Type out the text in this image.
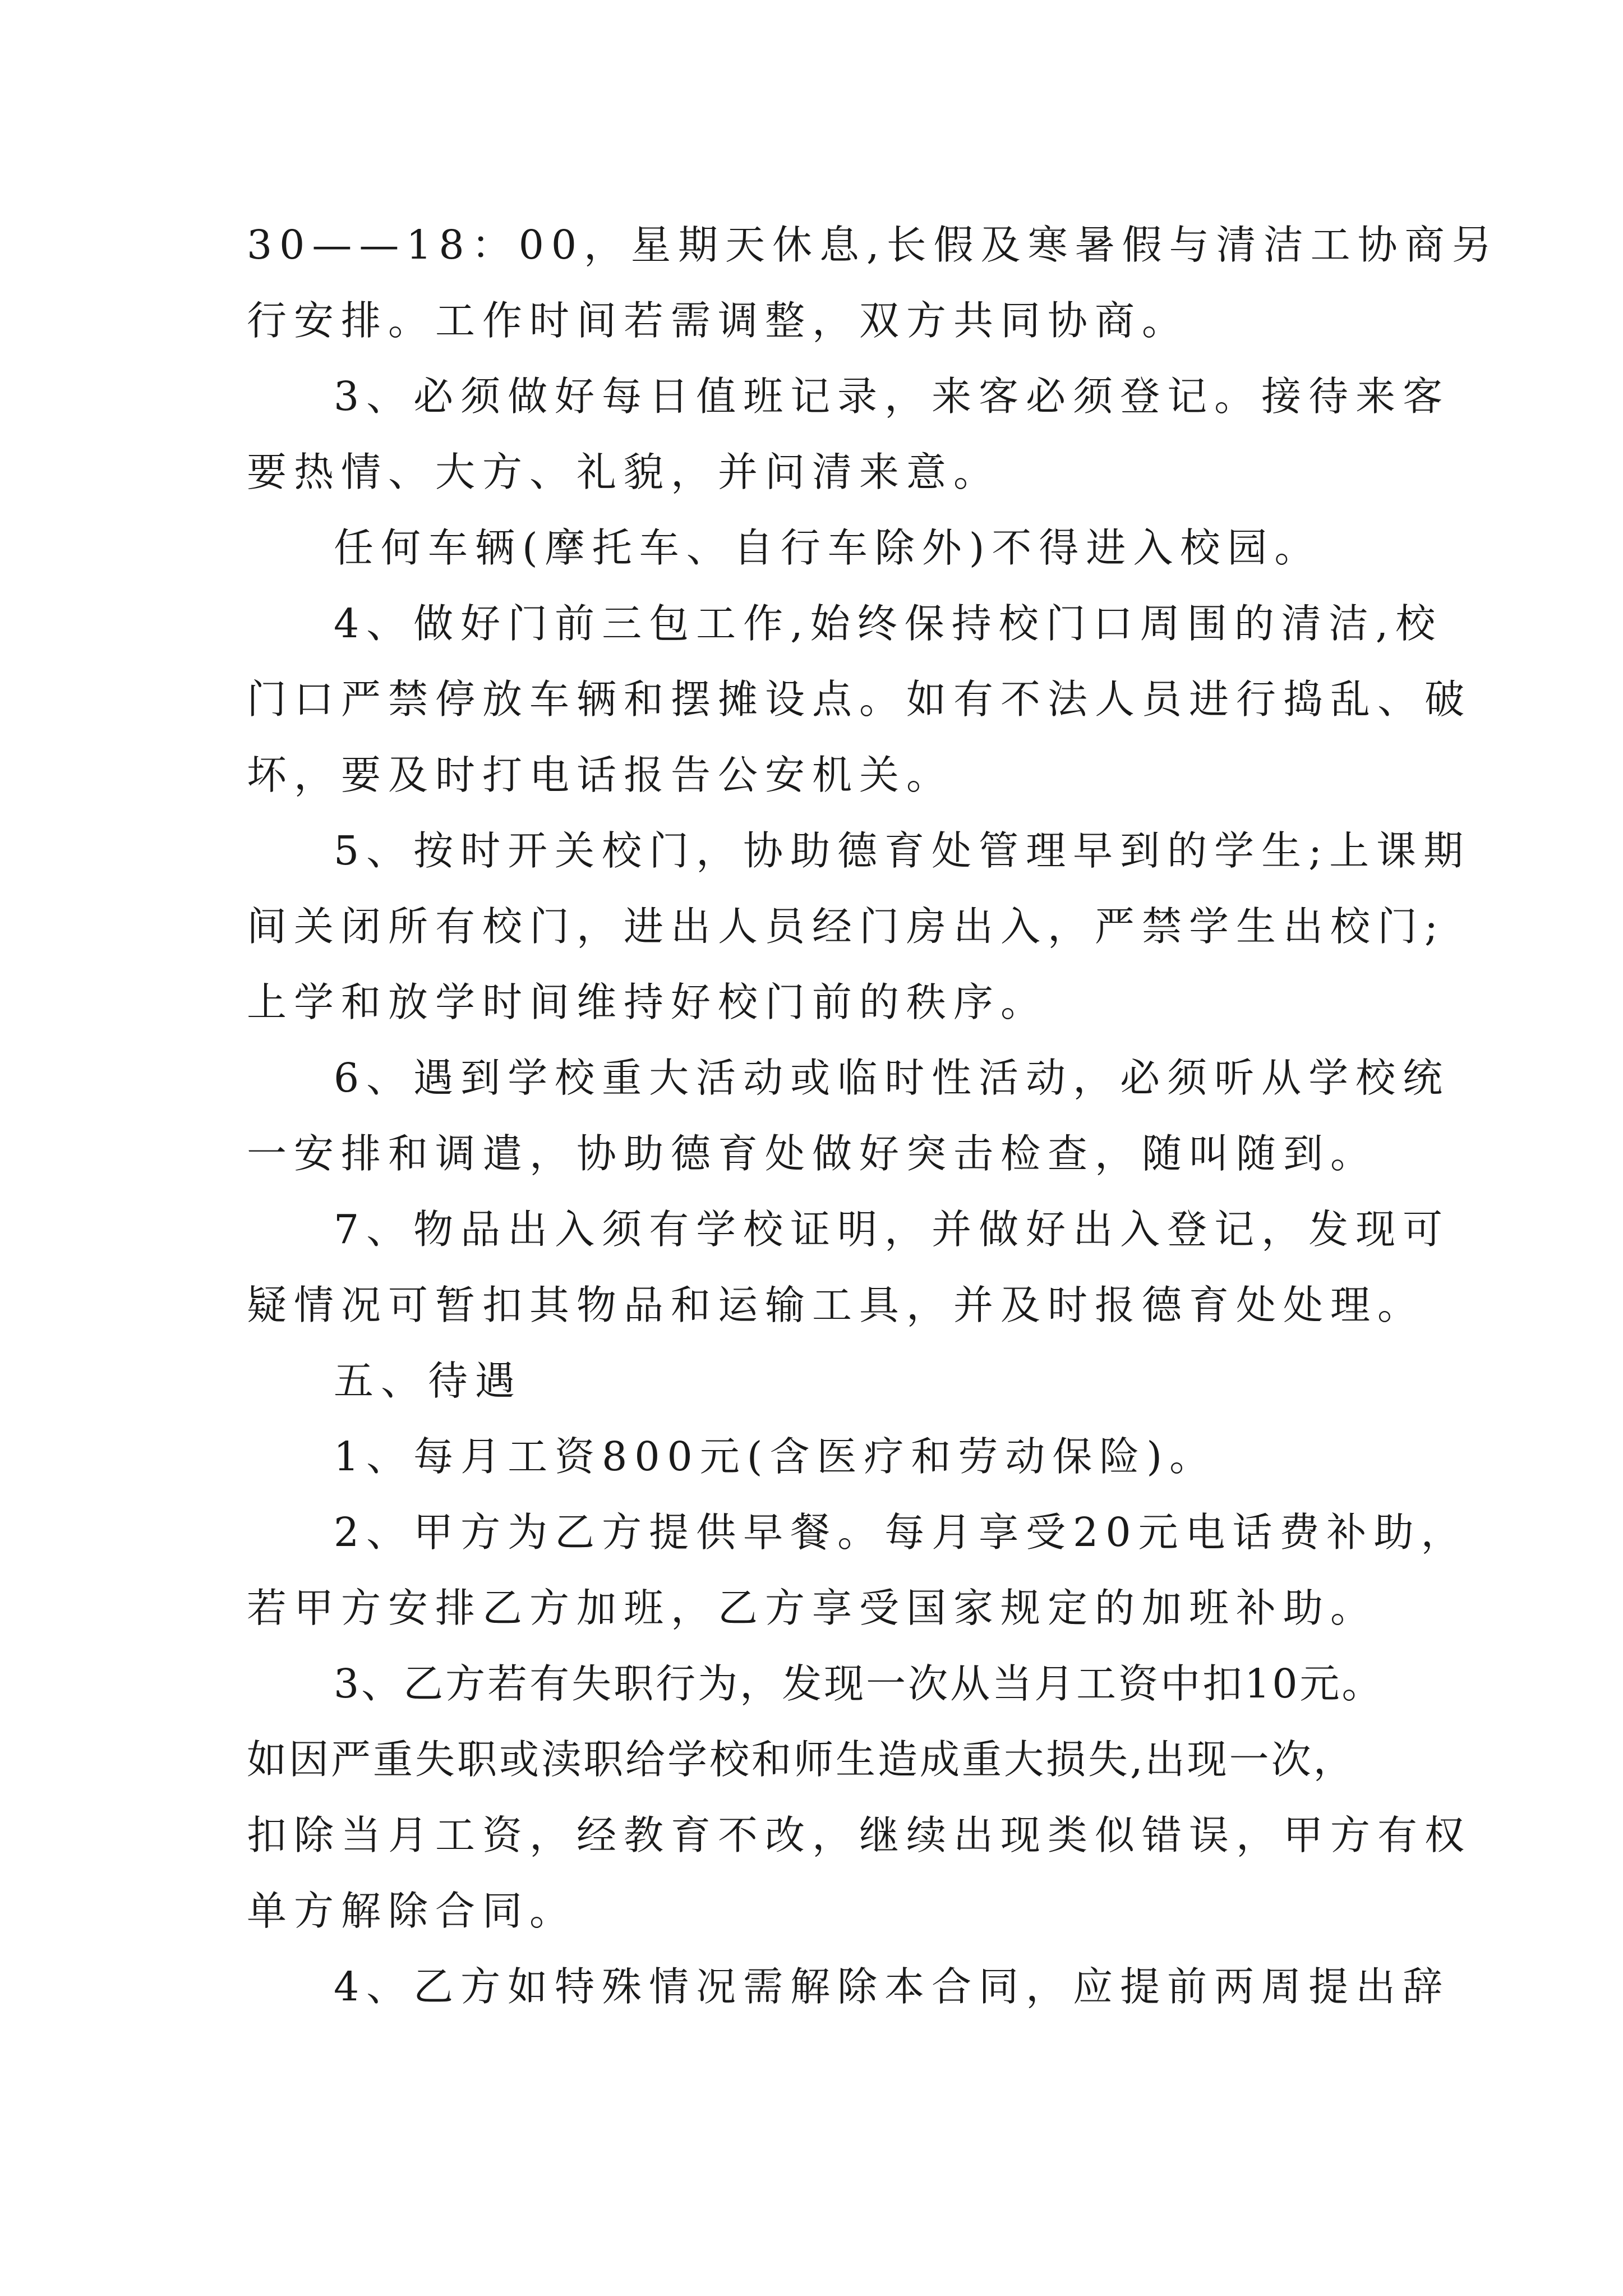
30——18：00，星期天休息,长假及寒暑假与清洁工协商另
行安排。工作时间若需调整，双方共同协商。
3、必须做好每日值班记录，来客必须登记。接待来客
要热情、大方、礼貌，并问清来意。
任何车辆(摩托车、自行车除外)不得进入校园。
4、做好门前三包工作,始终保持校门口周围的清洁,校
门口严禁停放车辆和摆摊设点。如有不法人员进行捣乱、破
坏，要及时打电话报告公安机关。
5、按时开关校门，协助德育处管理早到的学生;上课期
间关闭所有校门，进出人员经门房出入，严禁学生出校门;
上学和放学时间维持好校门前的秩序。
6、遇到学校重大活动或临时性活动，必须听从学校统
一安排和调遣，协助德育处做好突击检查，随叫随到。
7、物品出入须有学校证明，并做好出入登记，发现可
疑情况可暂扣其物品和运输工具，并及时报德育处处理。
五、待遇
1、每月工资800元(含医疗和劳动保险)。
2、甲方为乙方提供早餐。每月享受20元电话费补助，
若甲方安排乙方加班，乙方享受国家规定的加班补助。
3、乙方若有失职行为，发现一次从当月工资中扣10元。
如因严重失职或渎职给学校和师生造成重大损失,出现一次，
扣除当月工资，经教育不改，继续出现类似错误，甲方有权
单方解除合同。
4、乙方如特殊情况需解除本合同，应提前两周提出辞
